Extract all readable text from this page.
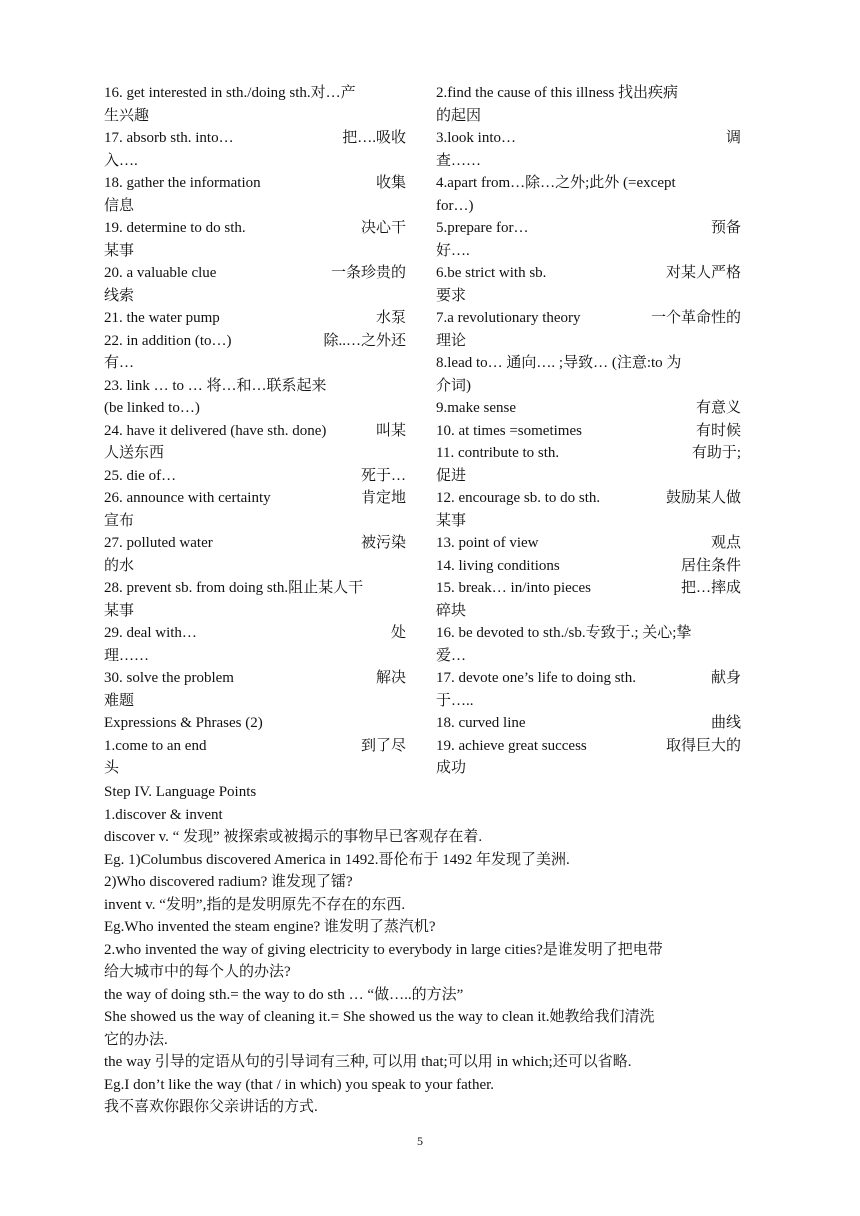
16. get interested in sth./doing sth.对…产
生兴趣
17. absorb sth. into…	把….吸收
入….
18. gather the information	收集
信息
19. determine to do sth.	决心干
某事
20. a valuable clue	一条珍贵的
线索
21. the water pump	水泵
22. in addition (to…)	除..…之外还
有…
23. link … to … 将…和…联系起来
(be linked to…)
24. have it delivered (have sth. done)	叫某
人送东西
25. die of…	死于…
26. announce with certainty	肯定地
宣布
27. polluted water	被污染
的水
28. prevent sb. from doing sth.阻止某人干
某事
29. deal with…	处
理……
30. solve the problem	解决
难题
Expressions & Phrases (2)
1.come to an end	到了尽
头
2.find the cause of this illness 找出疾病
的起因
3.look into…	调
查……
4.apart from…除…之外;此外 (=except
for…)
5.prepare for…	预备
好….
6.be strict with sb.	对某人严格
要求
7.a revolutionary theory	一个革命性的
理论
8.lead to… 通向…. ;导致… (注意:to 为
介词)
9.make sense	有意义
10. at times =sometimes	有时候
11. contribute to sth.	有助于;
促进
12. encourage sb. to do sth.	鼓励某人做
某事
13. point of view	观点
14. living conditions	居住条件
15. break… in/into pieces	把…摔成
碎块
16. be devoted to sth./sb.专致于.; 关心;挚
爱…
17. devote one’s life to doing sth.	献身
于…..
18. curved line	曲线
19. achieve great success	取得巨大的
成功
Step IV. Language Points
1.discover & invent
discover v. “ 发现” 被探索或被揭示的事物早已客观存在着.
Eg. 1)Columbus discovered America in 1492.哥伦布于 1492 年发现了美洲.
2)Who discovered radium? 谁发现了镭?
invent v. “发明”,指的是发明原先不存在的东西.
Eg.Who invented the steam engine? 谁发明了蒸汽机?
2.who invented the way of giving electricity to everybody in large cities?是谁发明了把电带
给大城市中的每个人的办法?
the way of doing sth.= the way to do sth … “做…..的方法”
She showed us the way of cleaning it.= She showed us the way to clean it.她教给我们清洗
它的办法.
the way 引导的定语从句的引导词有三种, 可以用 that;可以用 in which;还可以省略.
Eg.I don’t like the way (that / in which) you speak to your father.
我不喜欢你跟你父亲讲话的方式.
5
